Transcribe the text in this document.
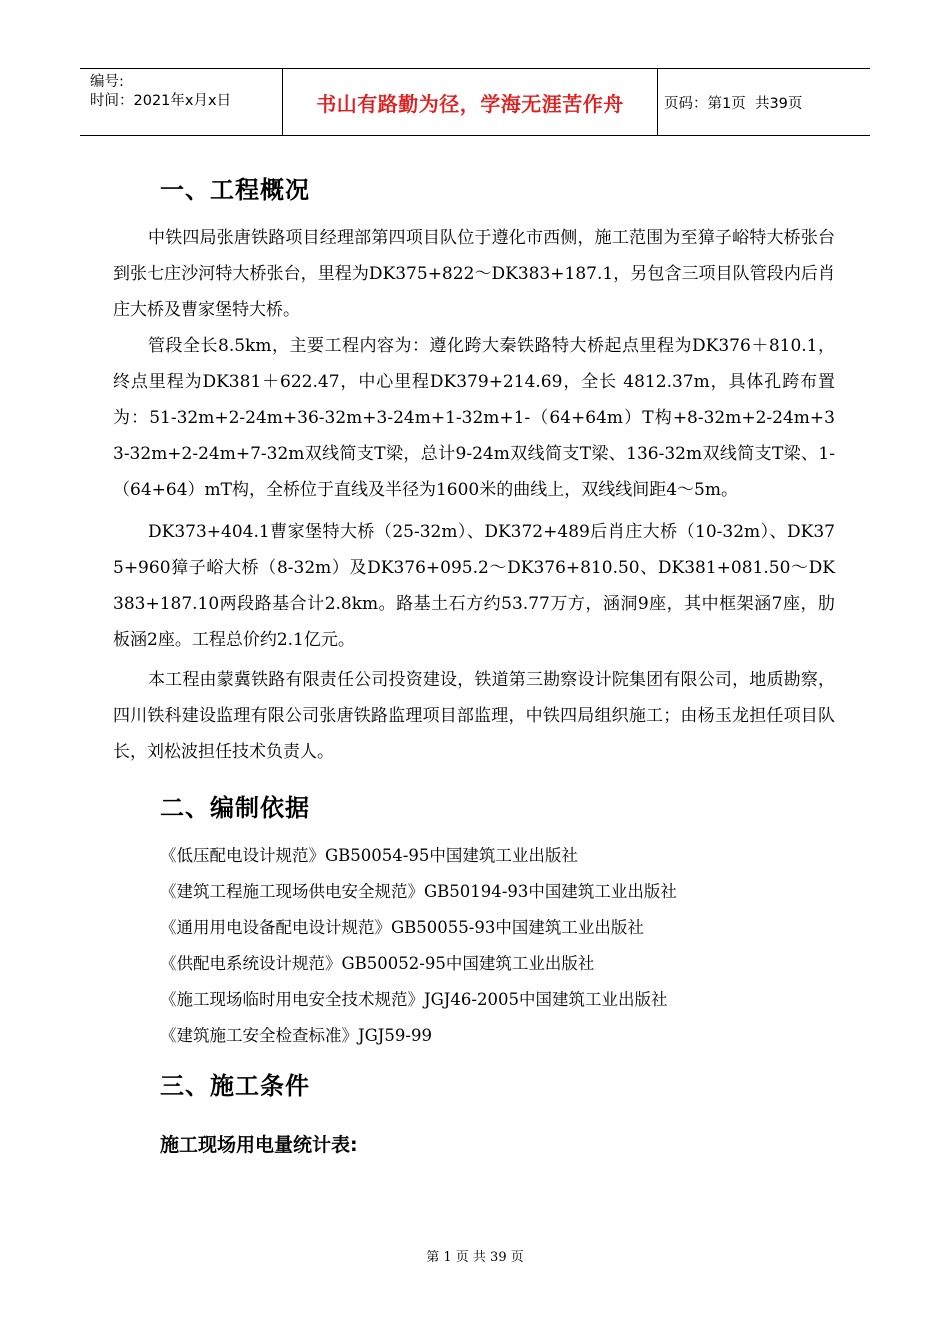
编号:
时间：2021年x月x日	书山有路勤为径，学海无涯苦作舟	页码：第1页  共39页
一、工程概况

中铁四局张唐铁路项目经理部第四项目队位于遵化市西侧，施工范围为至獐子峪特大桥张台到张七庄沙河特大桥张台，里程为DK375+822～DK383+187.1，另包含三项目队管段内后肖庄大桥及曹家堡特大桥。

管段全长8.5km，主要工程内容为：遵化跨大秦铁路特大桥起点里程为DK376＋810.1，终点里程为DK381＋622.47，中心里程DK379+214.69，全长 4812.37m，具体孔跨布置为：51-32m+2-24m+36-32m+3-24m+1-32m+1-（64+64m）T构+8-32m+2-24m+33-32m+2-24m+7-32m双线简支T梁，总计9-24m双线简支T梁、136-32m双线简支T梁、1-（64+64）mT构，全桥位于直线及半径为1600米的曲线上，双线线间距4～5m。

DK373+404.1曹家堡特大桥（25-32m）、DK372+489后肖庄大桥（10-32m）、DK375+960獐子峪大桥（8-32m）及DK376+095.2～DK376+810.50、DK381+081.50～DK383+187.10两段路基合计2.8km。路基土石方约53.77万方，涵洞9座，其中框架涵7座，肋板涵2座。工程总价约2.1亿元。

本工程由蒙冀铁路有限责任公司投资建设，铁道第三勘察设计院集团有限公司，地质勘察，四川铁科建设监理有限公司张唐铁路监理项目部监理，中铁四局组织施工；由杨玉龙担任项目队长，刘松波担任技术负责人。

二、编制依据
《低压配电设计规范》GB50054-95中国建筑工业出版社
《建筑工程施工现场供电安全规范》GB50194-93中国建筑工业出版社
《通用用电设备配电设计规范》GB50055-93中国建筑工业出版社
《供配电系统设计规范》GB50052-95中国建筑工业出版社
《施工现场临时用电安全技术规范》JGJ46-2005中国建筑工业出版社
《建筑施工安全检查标准》JGJ59-99
三、施工条件
施工现场用电量统计表:
第 1 页 共 39 页
